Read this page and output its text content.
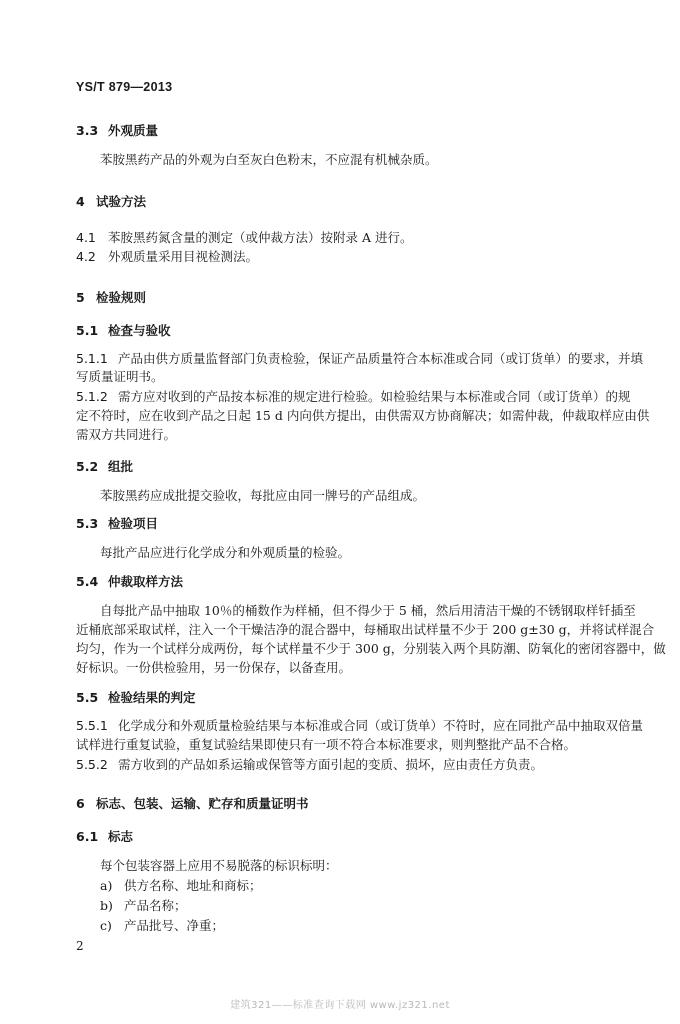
YS/T 879—2013
3.3 外观质量
苯胺黑药产品的外观为白至灰白色粉末，不应混有机械杂质。
4 试验方法
4.1 苯胺黑药氮含量的测定（或仲裁方法）按附录 A 进行。
4.2 外观质量采用目视检测法。
5 检验规则
5.1 检查与验收
5.1.1 产品由供方质量监督部门负责检验，保证产品质量符合本标准或合同（或订货单）的要求，并填
写质量证明书。
5.1.2 需方应对收到的产品按本标准的规定进行检验。如检验结果与本标准或合同（或订货单）的规
定不符时，应在收到产品之日起 15 d 内向供方提出，由供需双方协商解决；如需仲裁，仲裁取样应由供
需双方共同进行。
5.2 组批
苯胺黑药应成批提交验收，每批应由同一牌号的产品组成。
5.3 检验项目
每批产品应进行化学成分和外观质量的检验。
5.4 仲裁取样方法
自每批产品中抽取 10％的桶数作为样桶，但不得少于 5 桶，然后用清洁干燥的不锈钢取样钎插至
近桶底部采取试样，注入一个干燥洁净的混合器中，每桶取出试样量不少于 200 g±30 g，并将试样混合
均匀，作为一个试样分成两份，每个试样量不少于 300 g，分别装入两个具防潮、防氧化的密闭容器中，做
好标识。一份供检验用，另一份保存，以备查用。
5.5 检验结果的判定
5.5.1 化学成分和外观质量检验结果与本标准或合同（或订货单）不符时，应在同批产品中抽取双倍量
试样进行重复试验，重复试验结果即使只有一项不符合本标准要求，则判整批产品不合格。
5.5.2 需方收到的产品如系运输或保管等方面引起的变质、损坏，应由责任方负责。
6 标志、包装、运输、贮存和质量证明书
6.1 标志
每个包装容器上应用不易脱落的标识标明：
a) 供方名称、地址和商标；
b) 产品名称；
c) 产品批号、净重；
2
建筑321——标准查询下载网 www.jz321.net
